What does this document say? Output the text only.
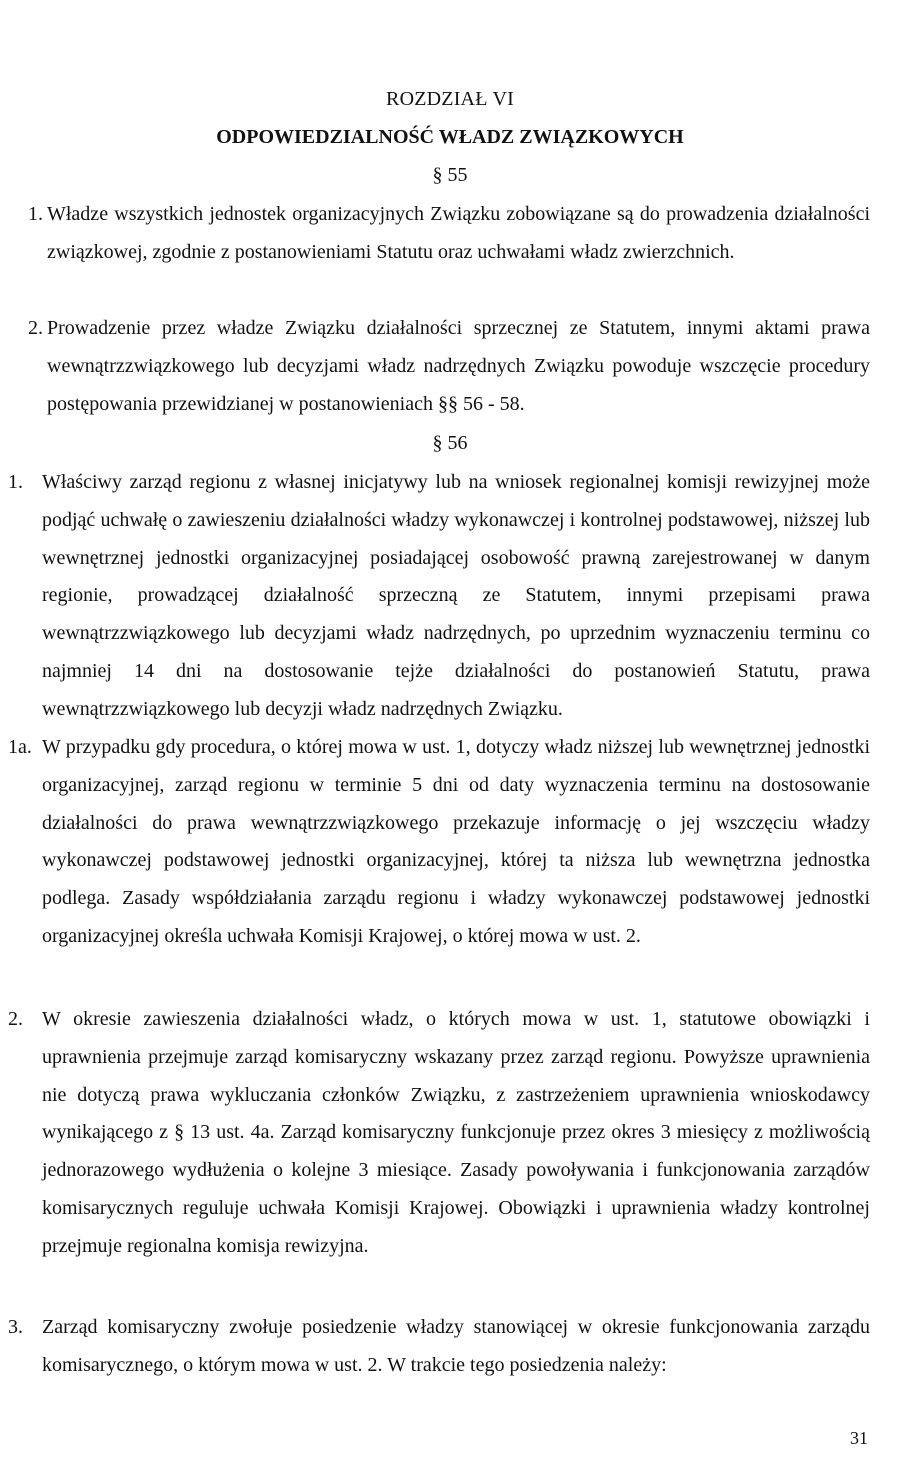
ROZDZIAŁ VI
ODPOWIEDZIALNOŚĆ WŁADZ ZWIĄZKOWYCH
§ 55
1. Władze wszystkich jednostek organizacyjnych Związku zobowiązane są do prowadzenia działalności związkowej, zgodnie z postanowieniami Statutu oraz uchwałami władz zwierzchnich.
2. Prowadzenie przez władze Związku działalności sprzecznej ze Statutem, innymi aktami prawa wewnątrzzwiązkowego lub decyzjami władz nadrzędnych Związku powoduje wszczęcie procedury postępowania przewidzianej w postanowieniach §§ 56 - 58.
§ 56
1. Właściwy zarząd regionu z własnej inicjatywy lub na wniosek regionalnej komisji rewizyjnej może podjąć uchwałę o zawieszeniu działalności władzy wykonawczej i kontrolnej podstawowej, niższej lub wewnętrznej jednostki organizacyjnej posiadającej osobowość prawną zarejestrowanej w danym regionie, prowadzącej działalność sprzeczną ze Statutem, innymi przepisami prawa wewnątrzzwiązkowego lub decyzjami władz nadrzędnych, po uprzednim wyznaczeniu terminu co najmniej 14 dni na dostosowanie tejże działalności do postanowień Statutu, prawa wewnątrzzwiązkowego lub decyzji władz nadrzędnych Związku.
1a. W przypadku gdy procedura, o której mowa w ust. 1, dotyczy władz niższej lub wewnętrznej jednostki organizacyjnej, zarząd regionu w terminie 5 dni od daty wyznaczenia terminu na dostosowanie działalności do prawa wewnątrzzwiązkowego przekazuje informację o jej wszczęciu władzy wykonawczej podstawowej jednostki organizacyjnej, której ta niższa lub wewnętrzna jednostka podlega. Zasady współdziałania zarządu regionu i władzy wykonawczej podstawowej jednostki organizacyjnej określa uchwała Komisji Krajowej, o której mowa w ust. 2.
2. W okresie zawieszenia działalności władz, o których mowa w ust. 1, statutowe obowiązki i uprawnienia przejmuje zarząd komisaryczny wskazany przez zarząd regionu. Powyższe uprawnienia nie dotyczą prawa wykluczania członków Związku, z zastrzeżeniem uprawnienia wnioskodawcy wynikającego z § 13 ust. 4a. Zarząd komisaryczny funkcjonuje przez okres 3 miesięcy z możliwością jednorazowego wydłużenia o kolejne 3 miesiące. Zasady powoływania i funkcjonowania zarządów komisarycznych reguluje uchwała Komisji Krajowej. Obowiązki i uprawnienia władzy kontrolnej przejmuje regionalna komisja rewizyjna.
3. Zarząd komisaryczny zwołuje posiedzenie władzy stanowiącej w okresie funkcjonowania zarządu komisarycznego, o którym mowa w ust. 2. W trakcie tego posiedzenia należy:
31
